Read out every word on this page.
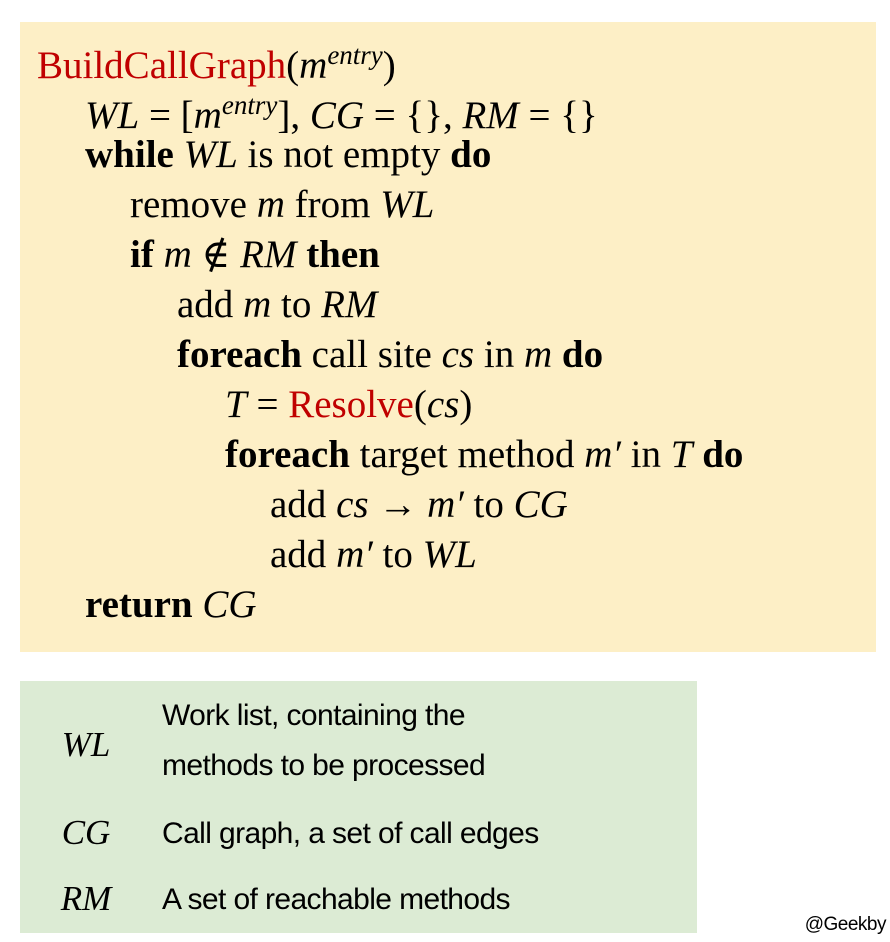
$BuildCallGraph(m^{entry})$
WL = $[m^{entry}]$, CG = {}, RM = {}
while WL is not empty do
remove m from WL
if m ∉ RM then
add m to RM
foreach call site cs in m do
T = Resolve(cs)
foreach target method m′ in T do
add cs → m′ to CG
add m′ to WL
return CG
WL
Work list, containing the
methods to be processed
CG	Call graph, a set of call edges
RM	A set of reachable methods
@Geekby
